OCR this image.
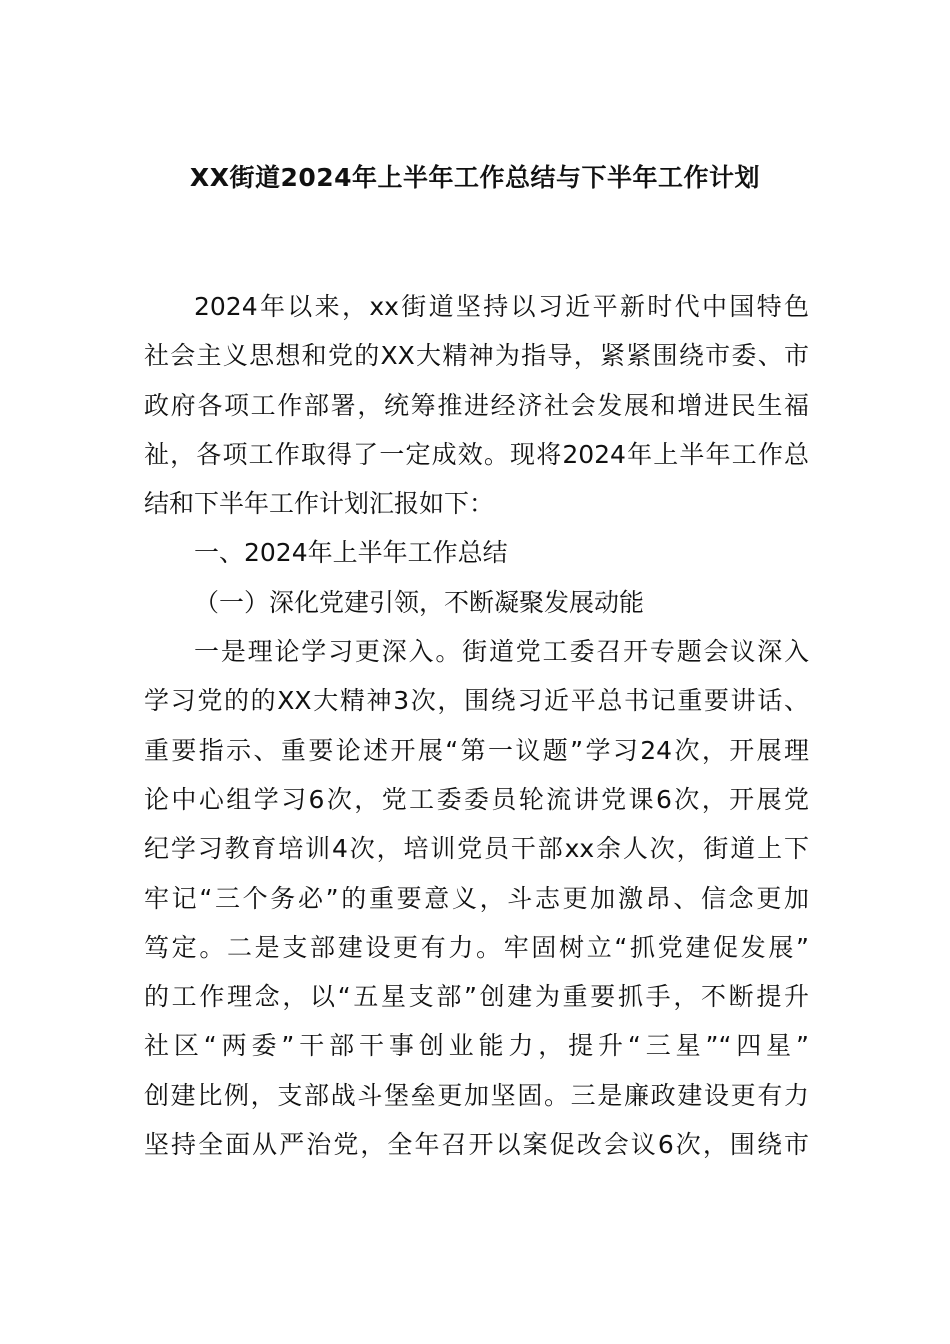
XX街道2024年上半年工作总结与下半年工作计划
2024年以来，xx街道坚持以习近平新时代中国特色
社会主义思想和党的XX大精神为指导，紧紧围绕市委、市
政府各项工作部署，统筹推进经济社会发展和增进民生福
祉，各项工作取得了一定成效。现将2024年上半年工作总
结和下半年工作计划汇报如下：
一、2024年上半年工作总结
（一）深化党建引领，不断凝聚发展动能
一是理论学习更深入。街道党工委召开专题会议深入
学习党的的XX大精神3次，围绕习近平总书记重要讲话、
重要指示、重要论述开展“第一议题”学习24次，开展理
论中心组学习6次，党工委委员轮流讲党课6次，开展党
纪学习教育培训4次，培训党员干部xx余人次，街道上下
牢记“三个务必”的重要意义，斗志更加激昂、信念更加
笃定。二是支部建设更有力。牢固树立“抓党建促发展”
的工作理念，以“五星支部”创建为重要抓手，不断提升
社区“两委”干部干事创业能力，提升“三星”“四星”
创建比例，支部战斗堡垒更加坚固。三是廉政建设更有力
坚持全面从严治党，全年召开以案促改会议6次，围绕市
